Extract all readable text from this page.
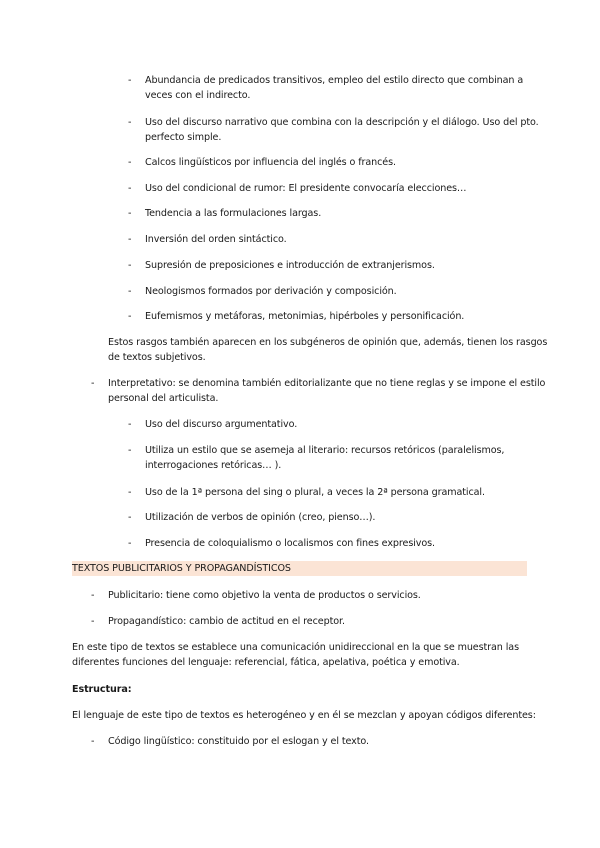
- Abundancia de predicados transitivos, empleo del estilo directo que combinan a
veces con el indirecto.
- Uso del discurso narrativo que combina con la descripción y el diálogo. Uso del pto.
perfecto simple.
- Calcos lingüísticos por influencia del inglés o francés.
- Uso del condicional de rumor: El presidente convocaría elecciones…
- Tendencia a las formulaciones largas.
- Inversión del orden sintáctico.
- Supresión de preposiciones e introducción de extranjerismos.
- Neologismos formados por derivación y composición.
- Eufemismos y metáforas, metonimias, hipérboles y personificación.
Estos rasgos también aparecen en los subgéneros de opinión que, además, tienen los rasgos
de textos subjetivos.
- Interpretativo: se denomina también editorializante que no tiene reglas y se impone el estilo
personal del articulista.
- Uso del discurso argumentativo.
- Utiliza un estilo que se asemeja al literario: recursos retóricos (paralelismos,
interrogaciones retóricas… ).
- Uso de la 1ª persona del sing o plural, a veces la 2ª persona gramatical.
- Utilización de verbos de opinión (creo, pienso…).
- Presencia de coloquialismo o localismos con fines expresivos.
TEXTOS PUBLICITARIOS Y PROPAGANDÍSTICOS
- Publicitario: tiene como objetivo la venta de productos o servicios.
- Propagandístico: cambio de actitud en el receptor.
En este tipo de textos se establece una comunicación unidireccional en la que se muestran las
diferentes funciones del lenguaje: referencial, fática, apelativa, poética y emotiva.
Estructura:
El lenguaje de este tipo de textos es heterogéneo y en él se mezclan y apoyan códigos diferentes:
- Código lingüístico: constituido por el eslogan y el texto.
